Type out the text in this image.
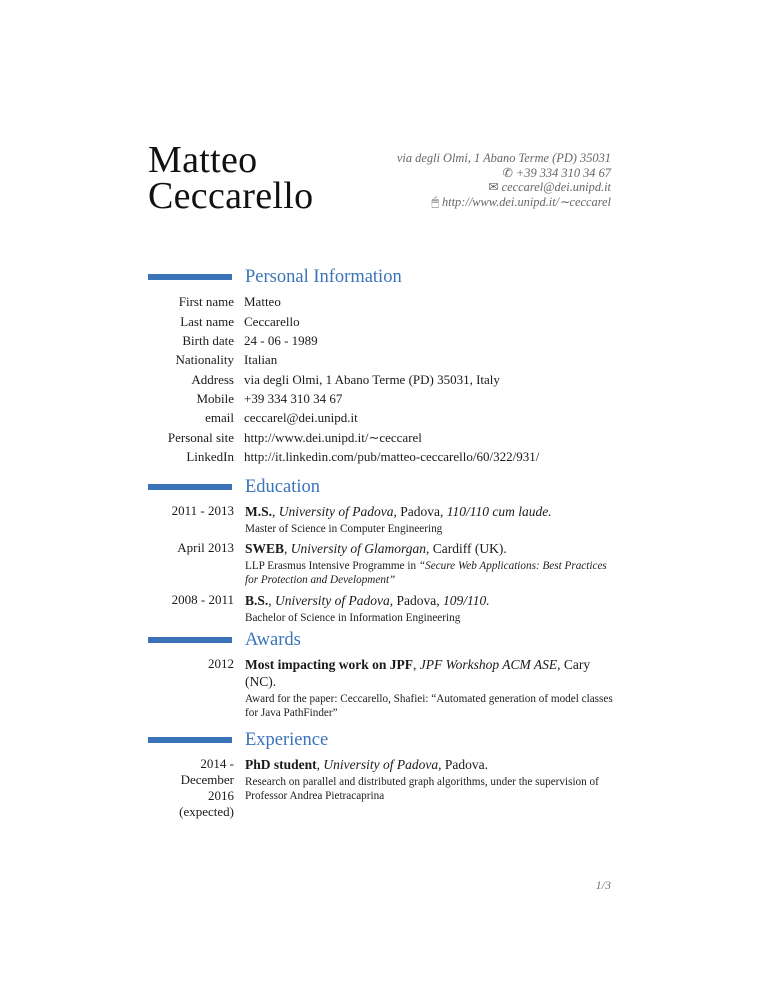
Matteo
Ceccarello
via degli Olmi, 1 Abano Terme (PD) 35031
✆ +39 334 310 34 67
✉ ceccarel@dei.unipd.it
🖱 http://www.dei.unipd.it/∼ceccarel
Personal Information
First name Matteo
Last name Ceccarello
Birth date 24 - 06 - 1989
Nationality Italian
Address via degli Olmi, 1 Abano Terme (PD) 35031, Italy
Mobile +39 334 310 34 67
email ceccarel@dei.unipd.it
Personal site http://www.dei.unipd.it/∼ceccarel
LinkedIn http://it.linkedin.com/pub/matteo-ceccarello/60/322/931/
Education
2011 - 2013 M.S., University of Padova, Padova, 110/110 cum laude.
Master of Science in Computer Engineering
April 2013 SWEB, University of Glamorgan, Cardiff (UK).
LLP Erasmus Intensive Programme in “Secure Web Applications: Best Practices for Protection and Development”
2008 - 2011 B.S., University of Padova, Padova, 109/110.
Bachelor of Science in Information Engineering
Awards
2012 Most impacting work on JPF, JPF Workshop ACM ASE, Cary (NC).
Award for the paper: Ceccarello, Shafiei: “Automated generation of model classes for Java PathFinder”
Experience
2014 -
December
2016
(expected)
PhD student, University of Padova, Padova.
Research on parallel and distributed graph algorithms, under the supervision of Professor Andrea Pietracaprina
1/3
